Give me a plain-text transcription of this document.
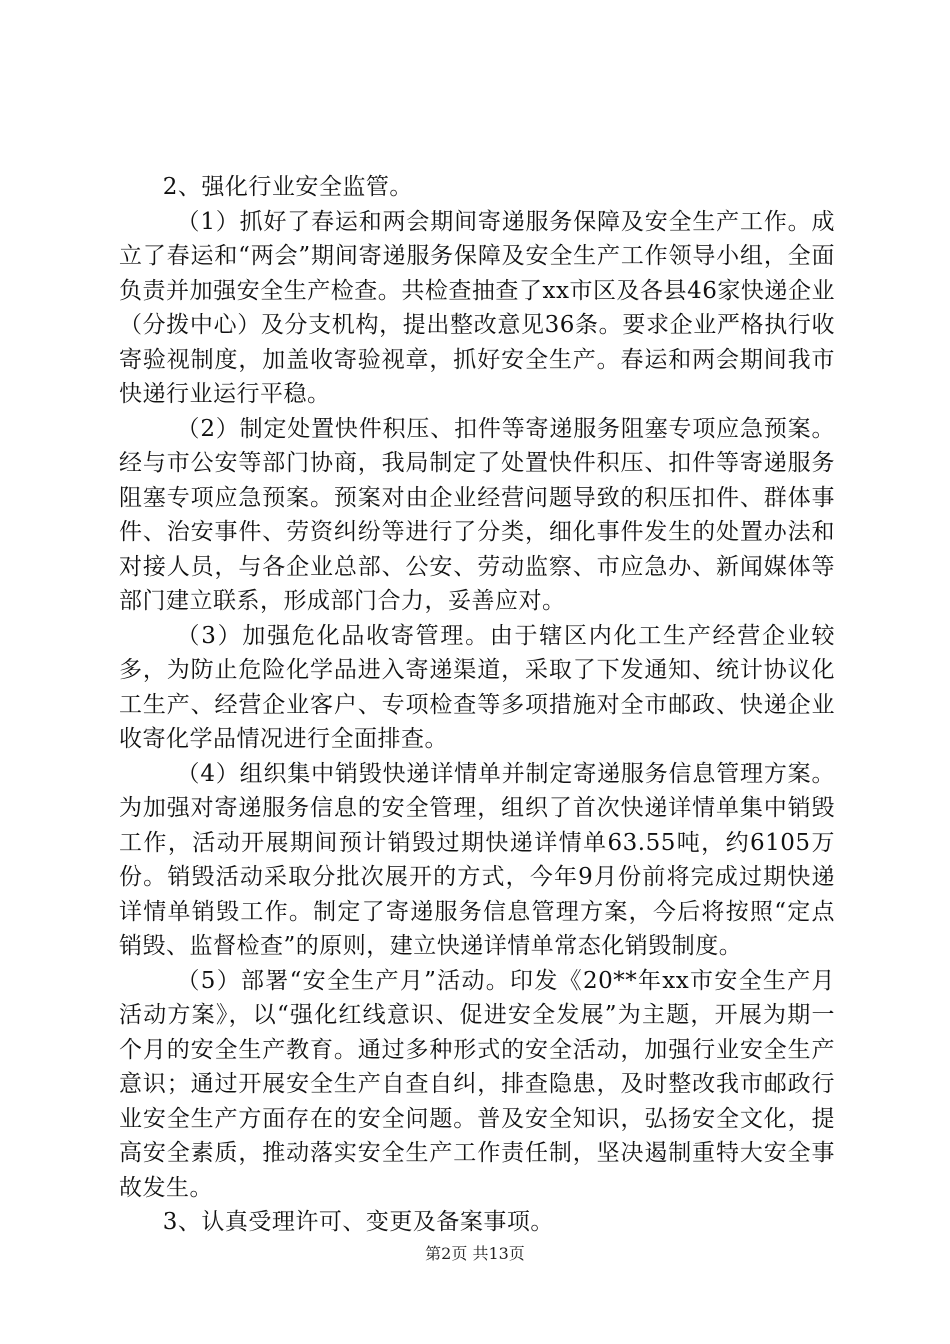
2、强化行业安全监管。

（1）抓好了春运和两会期间寄递服务保障及安全生产工作。成立了春运和“两会”期间寄递服务保障及安全生产工作领导小组，全面负责并加强安全生产检查。共检查抽查了xx市区及各县46家快递企业（分拨中心）及分支机构，提出整改意见36条。要求企业严格执行收寄验视制度，加盖收寄验视章，抓好安全生产。春运和两会期间我市快递行业运行平稳。

（2）制定处置快件积压、扣件等寄递服务阻塞专项应急预案。经与市公安等部门协商，我局制定了处置快件积压、扣件等寄递服务阻塞专项应急预案。预案对由企业经营问题导致的积压扣件、群体事件、治安事件、劳资纠纷等进行了分类，细化事件发生的处置办法和对接人员，与各企业总部、公安、劳动监察、市应急办、新闻媒体等部门建立联系，形成部门合力，妥善应对。

（3）加强危化品收寄管理。由于辖区内化工生产经营企业较多，为防止危险化学品进入寄递渠道，采取了下发通知、统计协议化工生产、经营企业客户、专项检查等多项措施对全市邮政、快递企业收寄化学品情况进行全面排查。

（4）组织集中销毁快递详情单并制定寄递服务信息管理方案。为加强对寄递服务信息的安全管理，组织了首次快递详情单集中销毁工作，活动开展期间预计销毁过期快递详情单63.55吨，约6105万份。销毁活动采取分批次展开的方式，今年9月份前将完成过期快递详情单销毁工作。制定了寄递服务信息管理方案，今后将按照“定点销毁、监督检查”的原则，建立快递详情单常态化销毁制度。

（5）部署“安全生产月”活动。印发《20**年xx市安全生产月活动方案》，以“强化红线意识、促进安全发展”为主题，开展为期一个月的安全生产教育。通过多种形式的安全活动，加强行业安全生产意识；通过开展安全生产自查自纠，排查隐患，及时整改我市邮政行业安全生产方面存在的安全问题。普及安全知识，弘扬安全文化，提高安全素质，推动落实安全生产工作责任制，坚决遏制重特大安全事故发生。

3、认真受理许可、变更及备案事项。

第2页 共13页
